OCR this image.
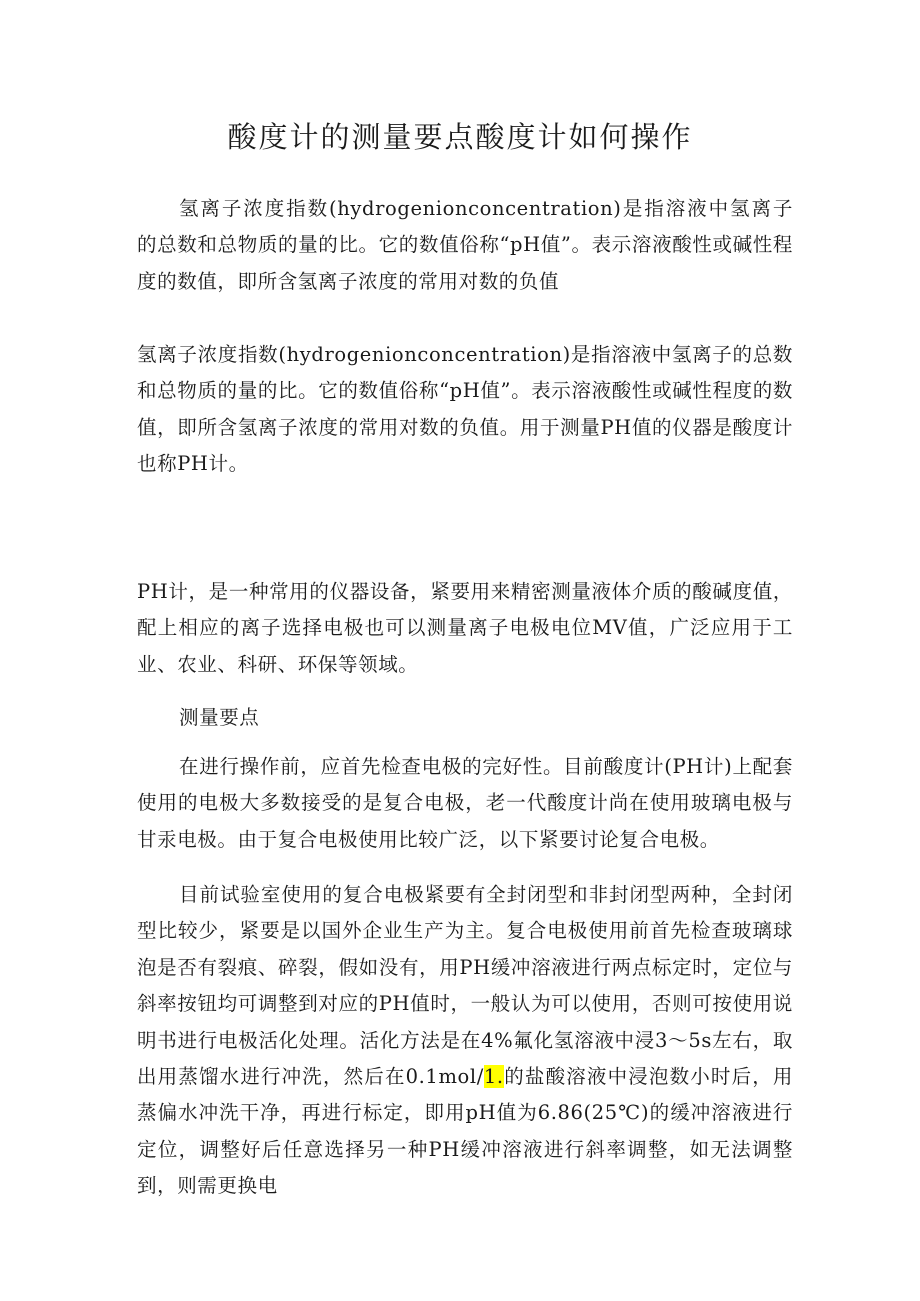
酸度计的测量要点酸度计如何操作

氢离子浓度指数(hydrogenionconcentration)是指溶液中氢离子的总数和总物质的量的比。它的数值俗称“pH值”。表示溶液酸性或碱性程度的数值，即所含氢离子浓度的常用对数的负值

氢离子浓度指数(hydrogenionconcentration)是指溶液中氢离子的总数和总物质的量的比。它的数值俗称“pH值”。表示溶液酸性或碱性程度的数值，即所含氢离子浓度的常用对数的负值。用于测量PH值的仪器是酸度计也称PH计。

PH计，是一种常用的仪器设备，紧要用来精密测量液体介质的酸碱度值，配上相应的离子选择电极也可以测量离子电极电位MV值，广泛应用于工业、农业、科研、环保等领域。

测量要点

在进行操作前，应首先检查电极的完好性。目前酸度计(PH计)上配套使用的电极大多数接受的是复合电极，老一代酸度计尚在使用玻璃电极与甘汞电极。由于复合电极使用比较广泛，以下紧要讨论复合电极。

目前试验室使用的复合电极紧要有全封闭型和非封闭型两种，全封闭型比较少，紧要是以国外企业生产为主。复合电极使用前首先检查玻璃球泡是否有裂痕、碎裂，假如没有，用PH缓冲溶液进行两点标定时，定位与斜率按钮均可调整到对应的PH值时，一般认为可以使用，否则可按使用说明书进行电极活化处理。活化方法是在4%氟化氢溶液中浸3～5s左右，取出用蒸馏水进行冲洗，然后在0.1mol/1.的盐酸溶液中浸泡数小时后，用蒸偏水冲洗干净，再进行标定，即用pH值为6.86(25℃)的缓冲溶液进行定位，调整好后任意选择另一种PH缓冲溶液进行斜率调整，如无法调整到，则需更换电
